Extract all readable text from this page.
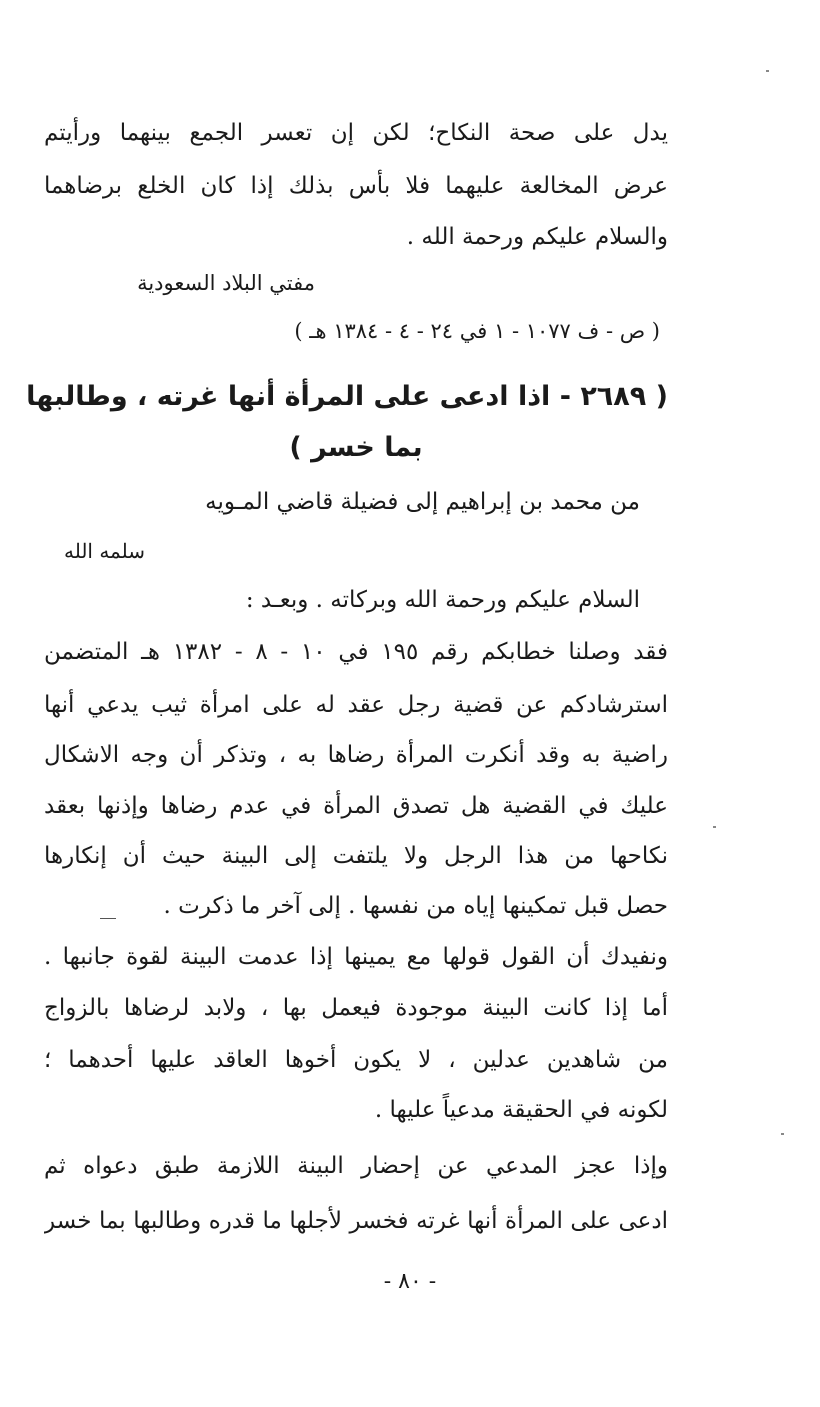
يدل على صحة النكاح؛ لكن إن تعسر الجمع بينهما ورأيتم
عرض المخالعة عليهما فلا بأس بذلك إذا كان الخلع برضاهما
والسلام عليكم ورحمة الله .
مفتي البلاد السعودية
( ص - ف ١٠٧٧ - ١ في ٢٤ - ٤ - ١٣٨٤ هـ )
( ٢٦٨٩ - اذا ادعى على المرأة أنها غرته ، وطالبها
بما خسر )
من محمد بن إبراهيم إلى فضيلة قاضي المـويه
سلمه الله
السلام عليكم ورحمة الله وبركاته . وبعـد :
فقد وصلنا خطابكم رقم ١٩٥ في ١٠ - ٨ - ١٣٨٢ هـ المتضمن
استرشادكم عن قضية رجل عقد له على امرأة ثيب يدعي أنها
راضية به وقد أنكرت المرأة رضاها به ، وتذكر أن وجه الاشكال
عليك في القضية هل تصدق المرأة في عدم رضاها وإذنها بعقد
نكاحها من هذا الرجل ولا يلتفت إلى البينة حيث أن إنكارها
حصل قبل تمكينها إياه من نفسها . إلى آخر ما ذكرت .
ونفيدك أن القول قولها مع يمينها إذا عدمت البينة لقوة جانبها .
أما إذا كانت البينة موجودة فيعمل بها ، ولابد لرضاها بالزواج
من شاهدين عدلين ، لا يكون أخوها العاقد عليها أحدهما ؛
لكونه في الحقيقة مدعياً عليها .
وإذا عجز المدعي عن إحضار البينة اللازمة طبق دعواه ثم
ادعى على المرأة أنها غرته فخسر لأجلها ما قدره وطالبها بما خسر
- ٨٠ -
